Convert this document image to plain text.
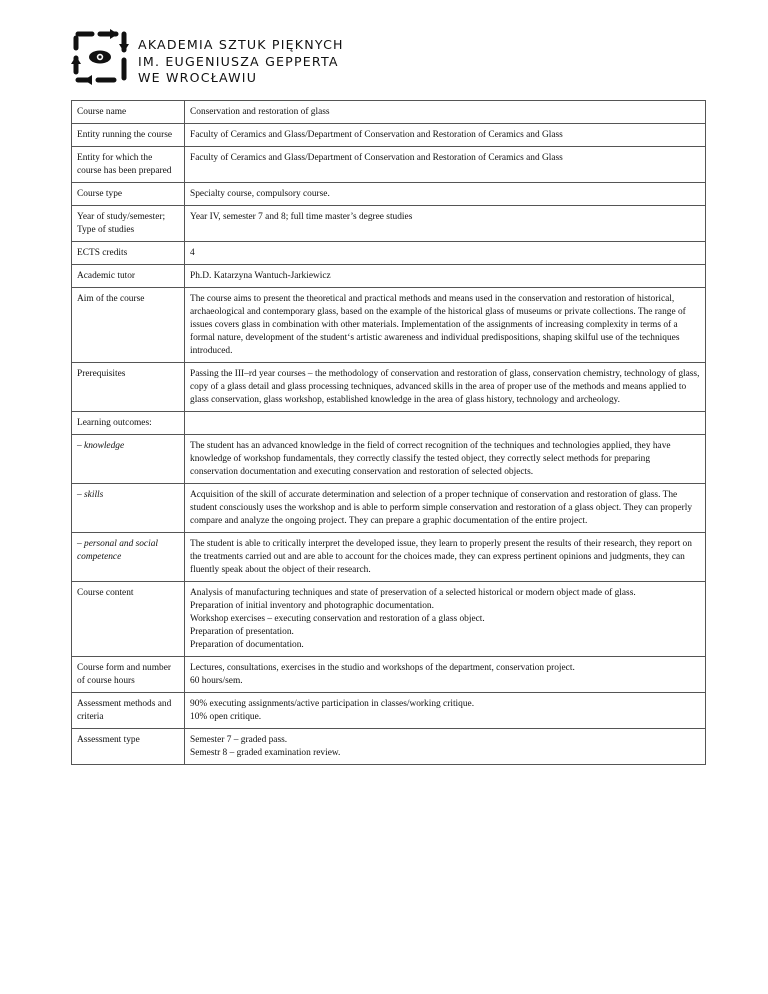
AKADEMIA SZTUK PIĘKNYCH
IM. EUGENIUSZA GEPPERTA
WE WROCŁAWIU
Course name	Conservation and restoration of glass

Entity running the course	Faculty of Ceramics and Glass/Department of Conservation and Restoration of Ceramics and Glass

Entity for which the course has been prepared	Faculty of Ceramics and Glass/Department of Conservation and Restoration of Ceramics and Glass

Course type	Specialty course, compulsory course.

Year of study/semester; Type of studies	Year IV, semester 7 and 8; full time master’s degree studies

ECTS credits	4

Academic tutor	Ph.D. Katarzyna Wantuch-Jarkiewicz

Aim of the course	The course aims to present the theoretical and practical methods and means used in the conservation and restoration of historical, archaeological and contemporary glass, based on the example of the historical glass of museums or private collections. The range of issues covers glass in combination with other materials. Implementation of the assignments of increasing complexity in terms of a formal nature, development of the student‘s artistic awareness and individual predispositions, shaping skilful use of the techniques introduced.

Prerequisites	Passing the III–rd year courses – the methodology of conservation and restoration of glass, conservation chemistry, technology of glass, copy of a glass detail and glass processing techniques, advanced skills in the area of proper use of the methods and means applied to glass conservation, glass workshop, established knowledge in the area of glass history, technology and archeology.

Learning outcomes:	
– knowledge	The student has an advanced knowledge in the field of correct recognition of the techniques and technologies applied, they have knowledge of workshop fundamentals, they correctly classify the tested object, they correctly select methods for preparing conservation documentation and executing conservation and restoration of selected objects.

– skills	Acquisition of the skill of accurate determination and selection of a proper technique of conservation and restoration of glass. The student consciously uses the workshop and is able to perform simple conservation and restoration of a glass object. They can properly compare and analyze the ongoing project. They can prepare a graphic documentation of the entire project.

– personal and social competence	The student is able to critically interpret the developed issue, they learn to properly present the results of their research, they report on the treatments carried out and are able to account for the choices made, they can express pertinent opinions and judgments, they can fluently speak about the object of their research.

Course content	Analysis of manufacturing techniques and state of preservation of a selected historical or modern object made of glass.
Preparation of initial inventory and photographic documentation.
Workshop exercises – executing conservation and restoration of a glass object.
Preparation of presentation.
Preparation of documentation.

Course form and number of course hours	Lectures, consultations, exercises in the studio and workshops of the department, conservation project.
60 hours/sem.

Assessment methods and criteria	90% executing assignments/active participation in classes/working critique.
10% open critique.

Assessment type	Semester 7 – graded pass.
Semestr 8 – graded examination review.
